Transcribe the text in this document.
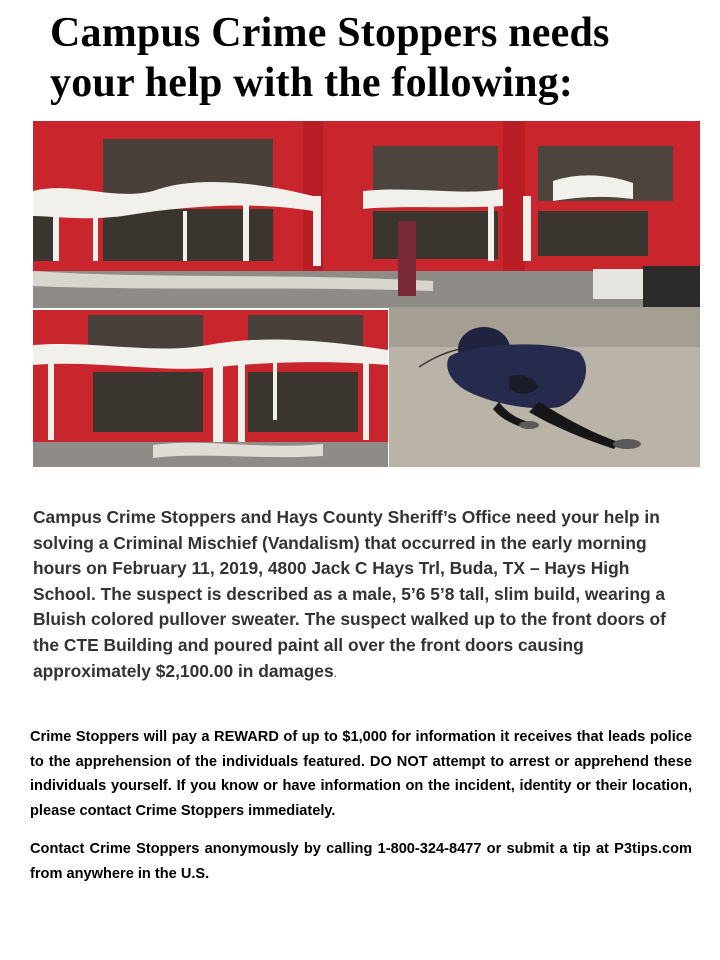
Campus Crime Stoppers needs
your help with the following:
Campus Crime Stoppers and Hays County Sheriff’s Office need your help in solving a Criminal Mischief (Vandalism) that occurred in the early morning hours on February 11, 2019, 4800 Jack C Hays Trl, Buda, TX – Hays High School. The suspect is described as a male, 5’6 5’8 tall, slim build, wearing a Bluish colored pullover sweater. The suspect walked up to the front doors of the CTE Building and poured paint all over the front doors causing approximately $2,100.00 in damages.
Crime Stoppers will pay a REWARD of up to $1,000 for information it receives that leads police to the apprehension of the individuals featured. DO NOT attempt to arrest or apprehend these individuals yourself. If you know or have information on the incident, identity or their location, please contact Crime Stoppers immediately.
Contact Crime Stoppers anonymously by calling 1-800-324-8477 or submit a tip at P3tips.com from anywhere in the U.S.
